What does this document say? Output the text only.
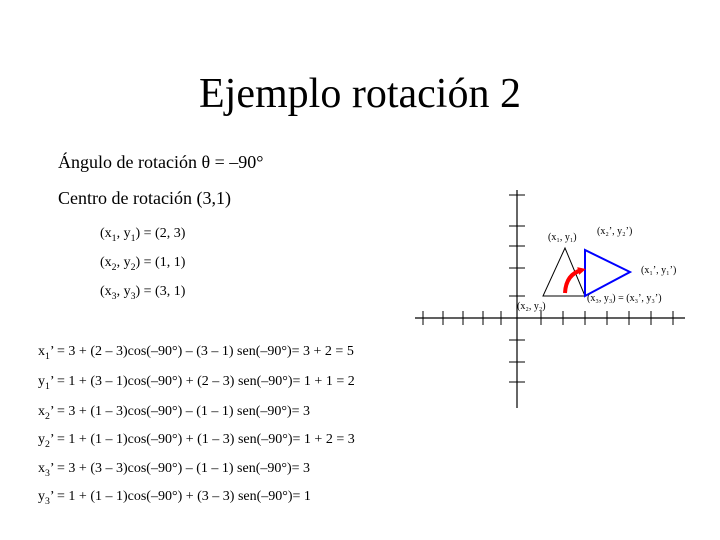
Ejemplo rotación 2
Ángulo de rotación θ = –90°
Centro de rotación (3,1)
($x_1$, $y_1) = (2$, 3)
($x_2$, $y_2) = (1$, 1)
($x_3$, $y_3) = (3$, 1)
$x_1$’ = 3 + (2 – 3)cos(–90°) – (3 – 1) sen(–90°)= 3 + 2 = 5
$y_1$’ = 1 + (3 – 1)cos(–90°) + (2 – 3) sen(–90°)= 1 + 1 = 2
$x_2$’ = 3 + (1 – 3)cos(–90°) – (1 – 1) sen(–90°)= 3
$y_2$’ = 1 + (1 – 1)cos(–90°) + (1 – 3) sen(–90°)= 1 + 2 = 3
$x_3$’ = 3 + (3 – 3)cos(–90°) – (1 – 1) sen(–90°)= 3
$y_3$’ = 1 + (1 – 1)cos(–90°) + (3 – 3) sen(–90°)= 1
(x₁, y₁)
(x₂’, y₂’)
(x₁’, y₁’)
(x₂, y₂)
(x₃, y₃) = (x₃’, y₃’)
